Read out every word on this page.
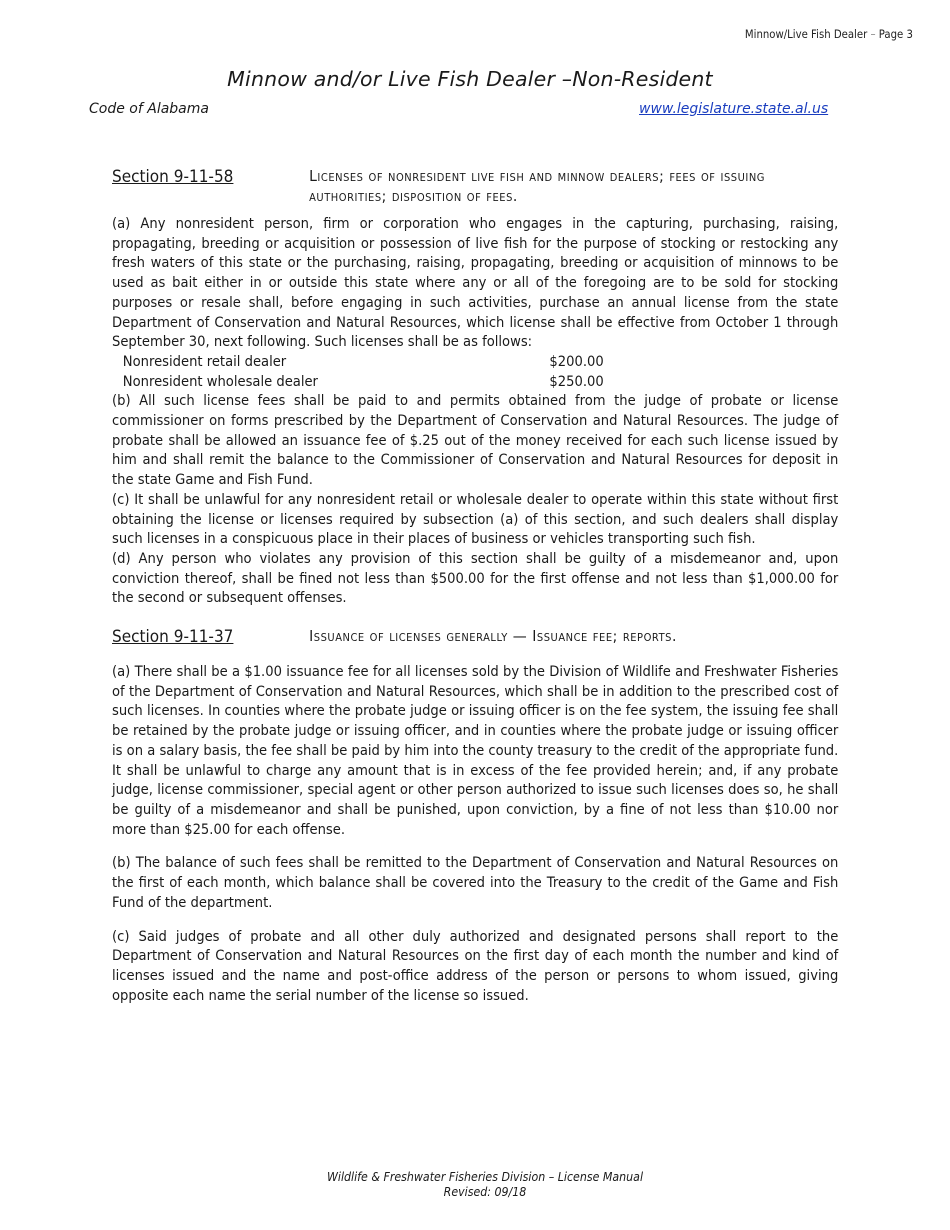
Minnow/Live Fish Dealer – Page 3
Minnow and/or Live Fish Dealer –Non-Resident
Code of Alabama	www.legislature.state.al.us
Section 9-11-58	Licenses of nonresident live fish and minnow dealers; fees of issuing authorities; disposition of fees.

(a) Any nonresident person, firm or corporation who engages in the capturing, purchasing, raising, propagating, breeding or acquisition or possession of live fish for the purpose of stocking or restocking any fresh waters of this state or the purchasing, raising, propagating, breeding or acquisition of minnows to be used as bait either in or outside this state where any or all of the foregoing are to be sold for stocking purposes or resale shall, before engaging in such activities, purchase an annual license from the state Department of Conservation and Natural Resources, which license shall be effective from October 1 through September 30, next following. Such licenses shall be as follows:

Nonresident retail dealer	$200.00
Nonresident wholesale dealer	$250.00

(b) All such license fees shall be paid to and permits obtained from the judge of probate or license commissioner on forms prescribed by the Department of Conservation and Natural Resources. The judge of probate shall be allowed an issuance fee of $.25 out of the money received for each such license issued by him and shall remit the balance to the Commissioner of Conservation and Natural Resources for deposit in the state Game and Fish Fund.

(c) It shall be unlawful for any nonresident retail or wholesale dealer to operate within this state without first obtaining the license or licenses required by subsection (a) of this section, and such dealers shall display such licenses in a conspicuous place in their places of business or vehicles transporting such fish.

(d) Any person who violates any provision of this section shall be guilty of a misdemeanor and, upon conviction thereof, shall be fined not less than $500.00 for the first offense and not less than $1,000.00 for the second or subsequent offenses.

Section 9-11-37	Issuance of licenses generally — Issuance fee; reports.

(a) There shall be a $1.00 issuance fee for all licenses sold by the Division of Wildlife and Freshwater Fisheries of the Department of Conservation and Natural Resources, which shall be in addition to the prescribed cost of such licenses. In counties where the probate judge or issuing officer is on the fee system, the issuing fee shall be retained by the probate judge or issuing officer, and in counties where the probate judge or issuing officer is on a salary basis, the fee shall be paid by him into the county treasury to the credit of the appropriate fund. It shall be unlawful to charge any amount that is in excess of the fee provided herein; and, if any probate judge, license commissioner, special agent or other person authorized to issue such licenses does so, he shall be guilty of a misdemeanor and shall be punished, upon conviction, by a fine of not less than $10.00 nor more than $25.00 for each offense.

(b) The balance of such fees shall be remitted to the Department of Conservation and Natural Resources on the first of each month, which balance shall be covered into the Treasury to the credit of the Game and Fish Fund of the department.

(c) Said judges of probate and all other duly authorized and designated persons shall report to the Department of Conservation and Natural Resources on the first day of each month the number and kind of licenses issued and the name and post-office address of the person or persons to whom issued, giving opposite each name the serial number of the license so issued.

Wildlife & Freshwater Fisheries Division – License Manual
Revised: 09/18
